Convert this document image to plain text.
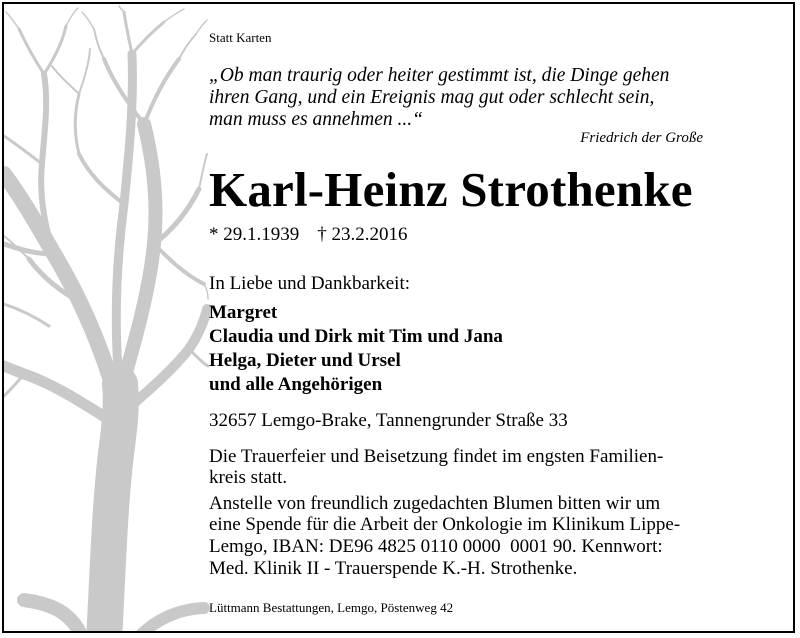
Statt Karten
„Ob man traurig oder heiter gestimmt ist, die Dinge gehen
ihren Gang, und ein Ereignis mag gut oder schlecht sein,
man muss es annehmen ...“
Friedrich der Große
Karl-Heinz Strothenke
* 29.1.1939 † 23.2.2016
In Liebe und Dankbarkeit:
Margret
Claudia und Dirk mit Tim und Jana
Helga, Dieter und Ursel
und alle Angehörigen
32657 Lemgo-Brake, Tannengrunder Straße 33
Die Trauerfeier und Beisetzung findet im engsten Familien-
kreis statt.
Anstelle von freundlich zugedachten Blumen bitten wir um
eine Spende für die Arbeit der Onkologie im Klinikum Lippe-
Lemgo, IBAN: DE96 4825 0110 0000  0001 90. Kennwort:
Med. Klinik II - Trauerspende K.-H. Strothenke.
Lüttmann Bestattungen, Lemgo, Pöstenweg 42
